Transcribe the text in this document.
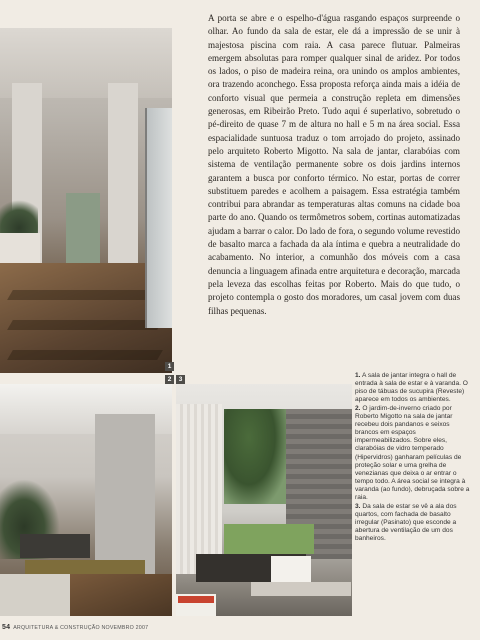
1
2	3
A porta se abre e o espelho-d'água rasgando espaços surpreende o olhar. Ao fundo da sala de estar, ele dá a impressão de se unir à majestosa piscina com raia. A casa parece flutuar. Palmeiras emergem absolutas para romper qualquer sinal de aridez. Por todos os lados, o piso de madeira reina, ora unindo os amplos ambientes, ora trazendo aconchego. Essa proposta reforça ainda mais a idéia de conforto visual que permeia a construção repleta em dimensões generosas, em Ribeirão Preto. Tudo aqui é superlativo, sobretudo o pé-direito de quase 7 m de altura no hall e 5 m na área social. Essa espacialidade suntuosa traduz o tom arrojado do projeto, assinado pelo arquiteto Roberto Migotto. Na sala de jantar, clarabóias com sistema de ventilação permanente sobre os dois jardins internos garantem a busca por conforto térmico. No estar, portas de correr substituem paredes e acolhem a paisagem. Essa estratégia também contribui para abrandar as temperaturas altas comuns na cidade boa parte do ano. Quando os termômetros sobem, cortinas automatizadas ajudam a barrar o calor. Do lado de fora, o segundo volume revestido de basalto marca a fachada da ala íntima e quebra a neutralidade do acabamento. No interior, a comunhão dos móveis com a casa denuncia a linguagem afinada entre arquitetura e decoração, marcada pela leveza das escolhas feitas por Roberto. Mais do que tudo, o projeto contempla o gosto dos moradores, um casal jovem com duas filhas pequenas.

1. A sala de jantar integra o hall de entrada à sala de estar e à varanda. O piso de tábuas de sucupira (Reveste) aparece em todos os ambientes.

2. O jardim-de-inverno criado por Roberto Migotto na sala de jantar recebeu dois pandanos e seixos brancos em espaços impermeabilizados. Sobre eles, clarabóias de vidro temperado (Hipervidros) ganharam películas de proteção solar e uma grelha de venezianas que deixa o ar entrar o tempo todo. A área social se integra à varanda (ao fundo), debruçada sobre a raia.

3. Da sala de estar se vê a ala dos quartos, com fachada de basalto irregular (Pasinato) que esconde a abertura de ventilação de um dos banheiros.

54 ARQUITETURA & CONSTRUÇÃO NOVEMBRO 2007
